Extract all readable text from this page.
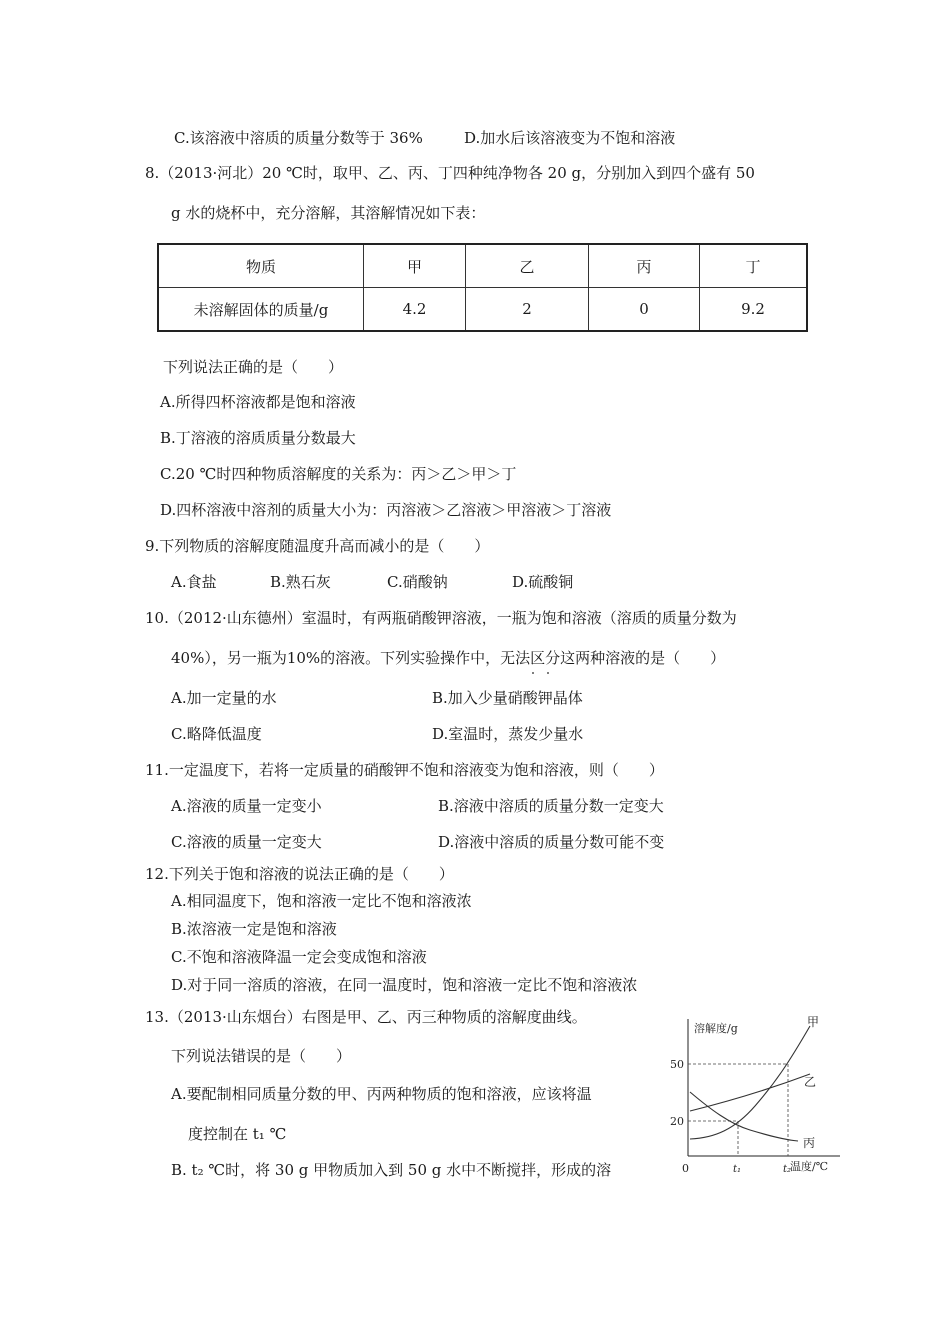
C.该溶液中溶质的质量分数等于 36%	D.加水后该溶液变为不饱和溶液
8.（2013·河北）20 ℃时，取甲、乙、丙、丁四种纯净物各 20 g，分别加入到四个盛有 50
g 水的烧杯中，充分溶解，其溶解情况如下表：
物质	甲	乙	丙	丁
未溶解固体的质量/g	4.2	2	0	9.2
下列说法正确的是（　　）
A.所得四杯溶液都是饱和溶液
B.丁溶液的溶质质量分数最大
C.20 ℃时四种物质溶解度的关系为：丙＞乙＞甲＞丁
D.四杯溶液中溶剂的质量大小为：丙溶液＞乙溶液＞甲溶液＞丁溶液
9.下列物质的溶解度随温度升高而减小的是（　　）
A.食盐	B.熟石灰	C.硝酸钠	D.硫酸铜
10.（2012·山东德州）室温时，有两瓶硝酸钾溶液，一瓶为饱和溶液（溶质的质量分数为
40%），另一瓶为10%的溶液。下列实验操作中，无法区分这两种溶液的是（　　）
A.加一定量的水	B.加入少量硝酸钾晶体
C.略降低温度	D.室温时，蒸发少量水
11.一定温度下，若将一定质量的硝酸钾不饱和溶液变为饱和溶液，则（　　）
A.溶液的质量一定变小	B.溶液中溶质的质量分数一定变大
C.溶液的质量一定变大	D.溶液中溶质的质量分数可能不变
12.下列关于饱和溶液的说法正确的是（　　）
A.相同温度下，饱和溶液一定比不饱和溶液浓
B.浓溶液一定是饱和溶液
C.不饱和溶液降温一定会变成饱和溶液
D.对于同一溶质的溶液，在同一温度时，饱和溶液一定比不饱和溶液浓
13.（2013·山东烟台）右图是甲、乙、丙三种物质的溶解度曲线。
下列说法错误的是（　　）
A.要配制相同质量分数的甲、丙两种物质的饱和溶液，应该将温
度控制在 t₁ ℃
B. t₂ ℃时，将 30 g 甲物质加入到 50 g 水中不断搅拌，形成的溶
溶解度/g
温度/℃
50
20
0	t₁	t₂
甲
乙
丙
